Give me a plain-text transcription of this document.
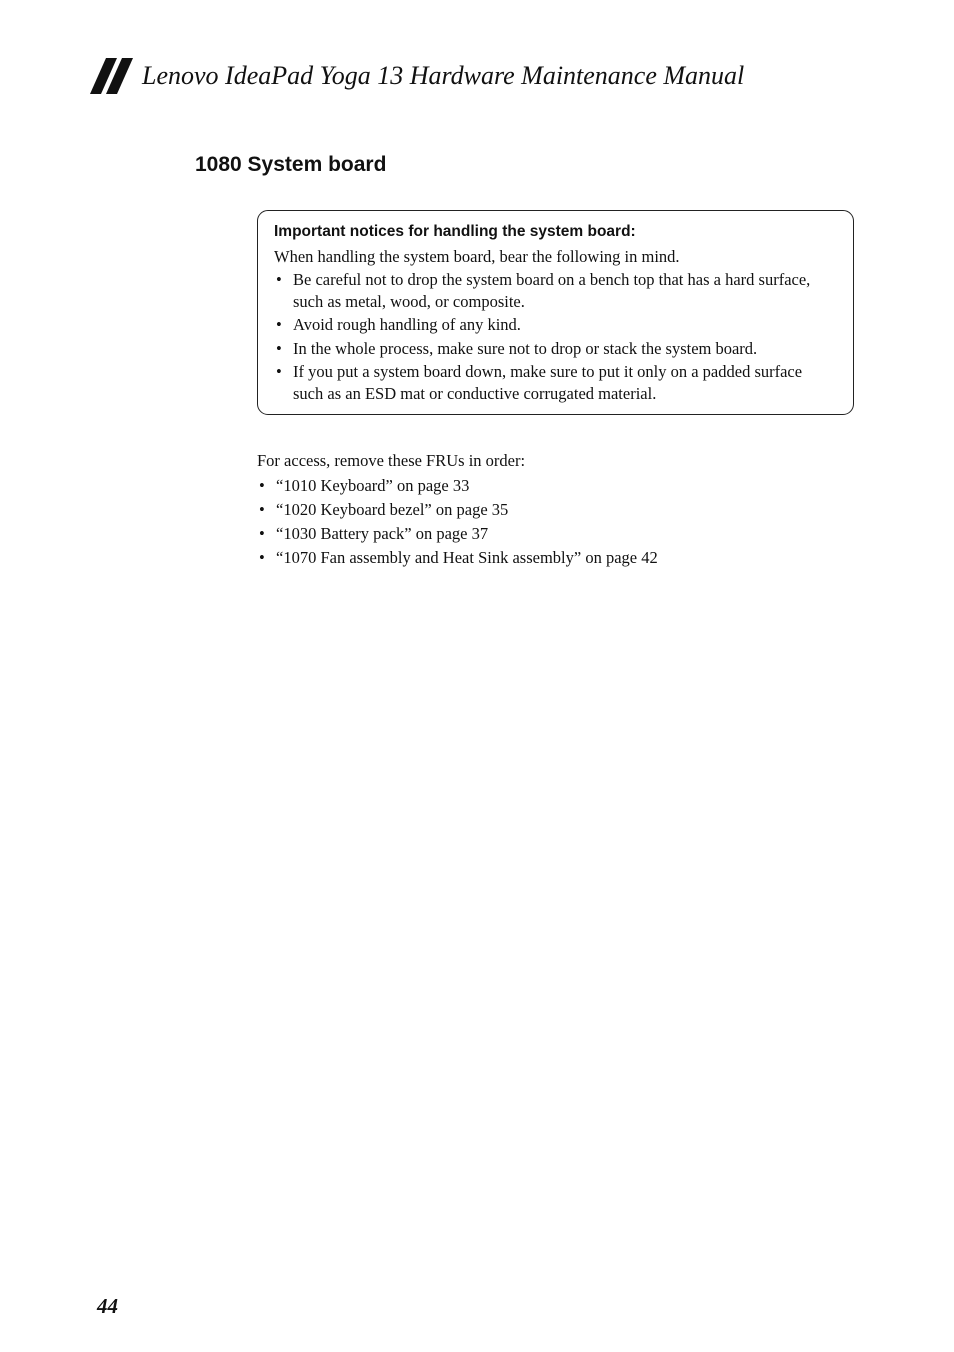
Lenovo IdeaPad Yoga 13 Hardware Maintenance Manual
1080 System board
Important notices for handling the system board:
When handling the system board, bear the following in mind.
• Be careful not to drop the system board on a bench top that has a hard surface, such as metal, wood, or composite.
• Avoid rough handling of any kind.
• In the whole process, make sure not to drop or stack the system board.
• If you put a system board down, make sure to put it only on a padded surface such as an ESD mat or conductive corrugated material.
For access, remove these FRUs in order:
• “1010 Keyboard” on page 33
• “1020 Keyboard bezel” on page 35
• “1030 Battery pack” on page 37
• “1070 Fan assembly and Heat Sink assembly” on page 42
44
